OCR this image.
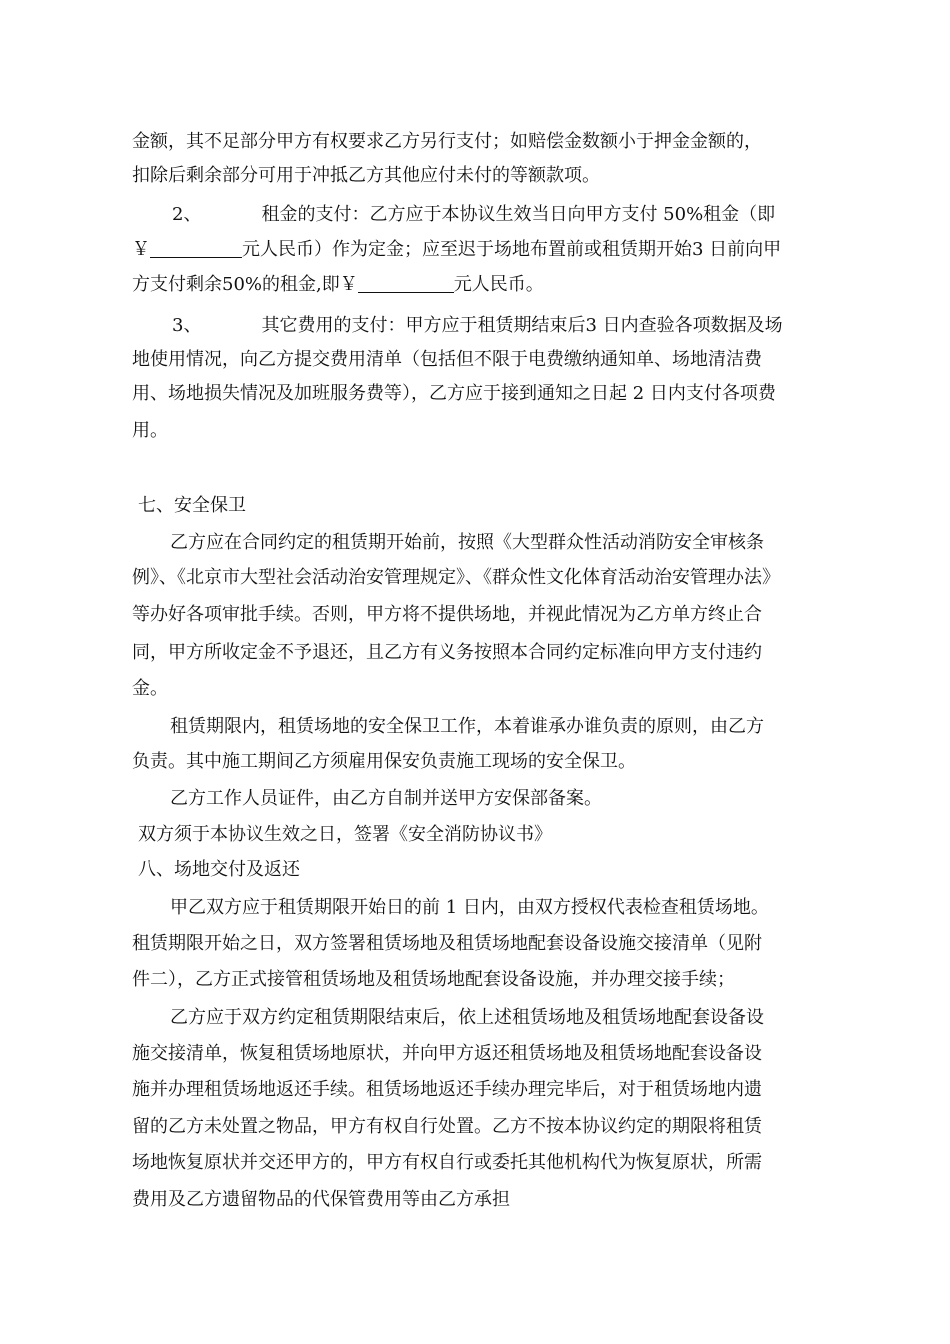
金额，其不足部分甲方有权要求乙方另行支付；如赔偿金数额小于押金金额的，
扣除后剩余部分可用于冲抵乙方其他应付未付的等额款项。
2、	租金的支付：乙方应于本协议生效当日向甲方支付 50%租金（即
￥	元人民币）作为定金；应至迟于场地布置前或租赁期开始3 日前向甲
方支付剩余50%的租金,即￥	元人民币。
3、	其它费用的支付：甲方应于租赁期结束后3 日内查验各项数据及场
地使用情况，向乙方提交费用清单（包括但不限于电费缴纳通知单、场地清洁费
用、场地损失情况及加班服务费等），乙方应于接到通知之日起 2 日内支付各项费
用。
七、安全保卫
乙方应在合同约定的租赁期开始前，按照《大型群众性活动消防安全审核条
例》、《北京市大型社会活动治安管理规定》、《群众性文化体育活动治安管理办法》
等办好各项审批手续。否则，甲方将不提供场地，并视此情况为乙方单方终止合
同，甲方所收定金不予退还，且乙方有义务按照本合同约定标准向甲方支付违约
金。
租赁期限内，租赁场地的安全保卫工作，本着谁承办谁负责的原则，由乙方
负责。其中施工期间乙方须雇用保安负责施工现场的安全保卫。
乙方工作人员证件，由乙方自制并送甲方安保部备案。
双方须于本协议生效之日，签署《安全消防协议书》
八、场地交付及返还
甲乙双方应于租赁期限开始日的前 1 日内，由双方授权代表检查租赁场地。
租赁期限开始之日，双方签署租赁场地及租赁场地配套设备设施交接清单（见附
件二），乙方正式接管租赁场地及租赁场地配套设备设施，并办理交接手续；
乙方应于双方约定租赁期限结束后，依上述租赁场地及租赁场地配套设备设
施交接清单，恢复租赁场地原状，并向甲方返还租赁场地及租赁场地配套设备设
施并办理租赁场地返还手续。租赁场地返还手续办理完毕后，对于租赁场地内遗
留的乙方未处置之物品，甲方有权自行处置。乙方不按本协议约定的期限将租赁
场地恢复原状并交还甲方的，甲方有权自行或委托其他机构代为恢复原状，所需
费用及乙方遗留物品的代保管费用等由乙方承担
